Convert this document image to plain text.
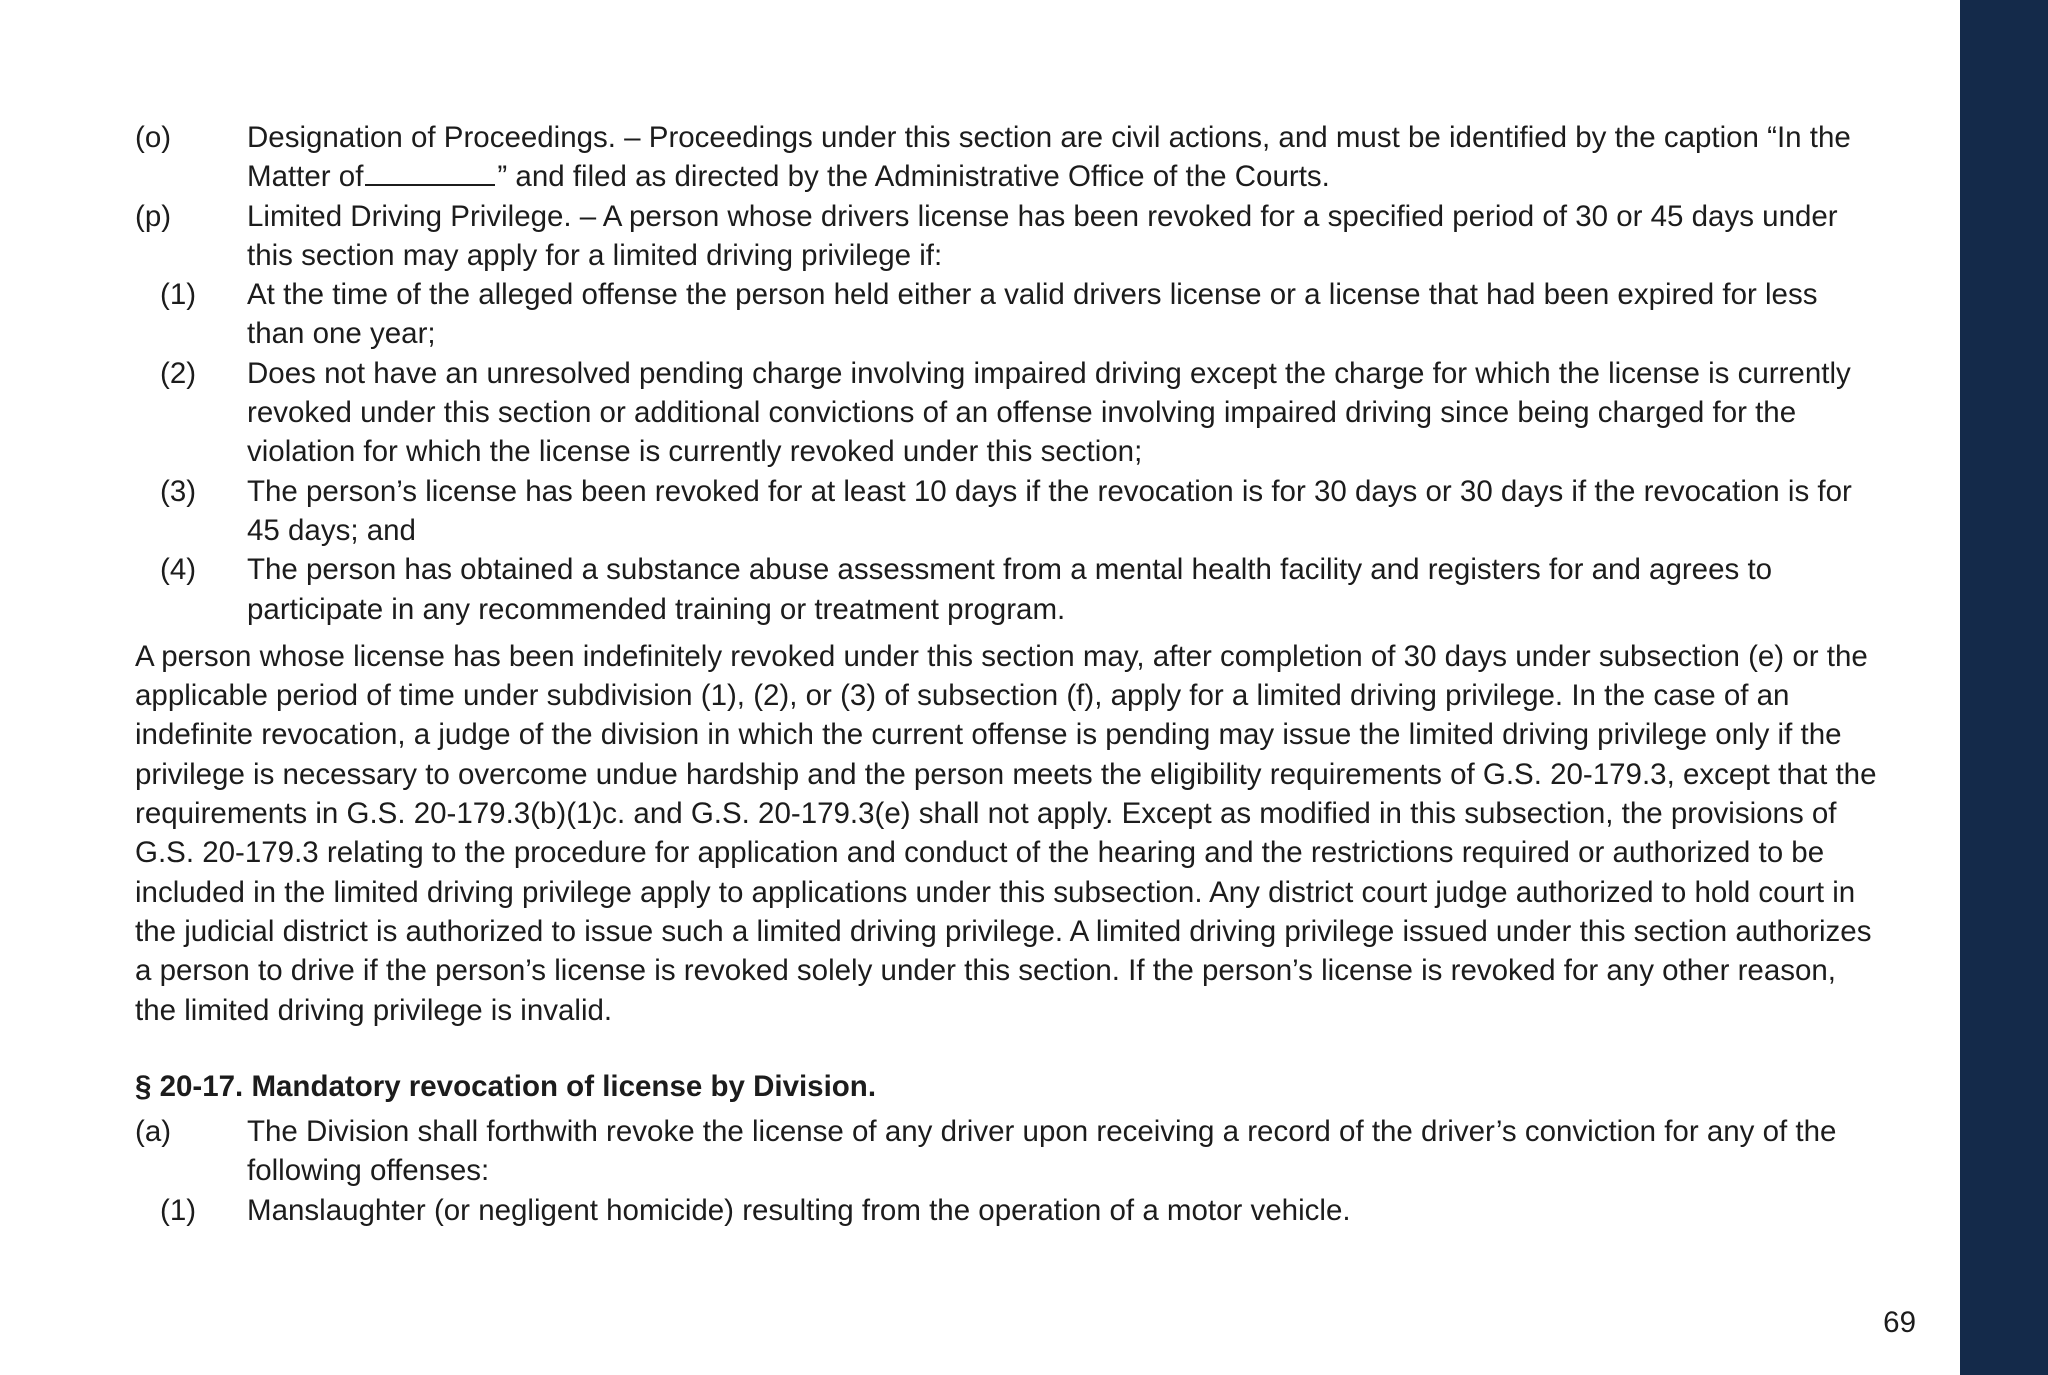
(o)	Designation of Proceedings. – Proceedings under this section are civil actions, and must be identified by the caption “In the Matter of	” and filed as directed by the Administrative Office of the Courts.
(p)	Limited Driving Privilege. – A person whose drivers license has been revoked for a specified period of 30 or 45 days under this section may apply for a limited driving privilege if:
(1)	At the time of the alleged offense the person held either a valid drivers license or a license that had been expired for less than one year;
(2)	Does not have an unresolved pending charge involving impaired driving except the charge for which the license is currently revoked under this section or additional convictions of an offense involving impaired driving since being charged for the violation for which the license is currently revoked under this section;
(3)	The person’s license has been revoked for at least 10 days if the revocation is for 30 days or 30 days if the revocation is for 45 days; and
(4)	The person has obtained a substance abuse assessment from a mental health facility and registers for and agrees to participate in any recommended training or treatment program.
A person whose license has been indefinitely revoked under this section may, after completion of 30 days under subsection (e) or the applicable period of time under subdivision (1), (2), or (3) of subsection (f), apply for a limited driving privilege. In the case of an indefinite revocation, a judge of the division in which the current offense is pending may issue the limited driving privilege only if the privilege is necessary to overcome undue hardship and the person meets the eligibility requirements of G.S. 20-179.3, except that the requirements in G.S. 20-179.3(b)(1)c. and G.S. 20-179.3(e) shall not apply. Except as modified in this subsection, the provisions of G.S. 20-179.3 relating to the procedure for application and conduct of the hearing and the restrictions required or authorized to be included in the limited driving privilege apply to applications under this subsection. Any district court judge authorized to hold court in the judicial district is authorized to issue such a limited driving privilege. A limited driving privilege issued under this section authorizes a person to drive if the person’s license is revoked solely under this section. If the person’s license is revoked for any other reason, the limited driving privilege is invalid.
§ 20-17. Mandatory revocation of license by Division.
(a)	The Division shall forthwith revoke the license of any driver upon receiving a record of the driver’s conviction for any of the following offenses:
(1)	Manslaughter (or negligent homicide) resulting from the operation of a motor vehicle.
69
